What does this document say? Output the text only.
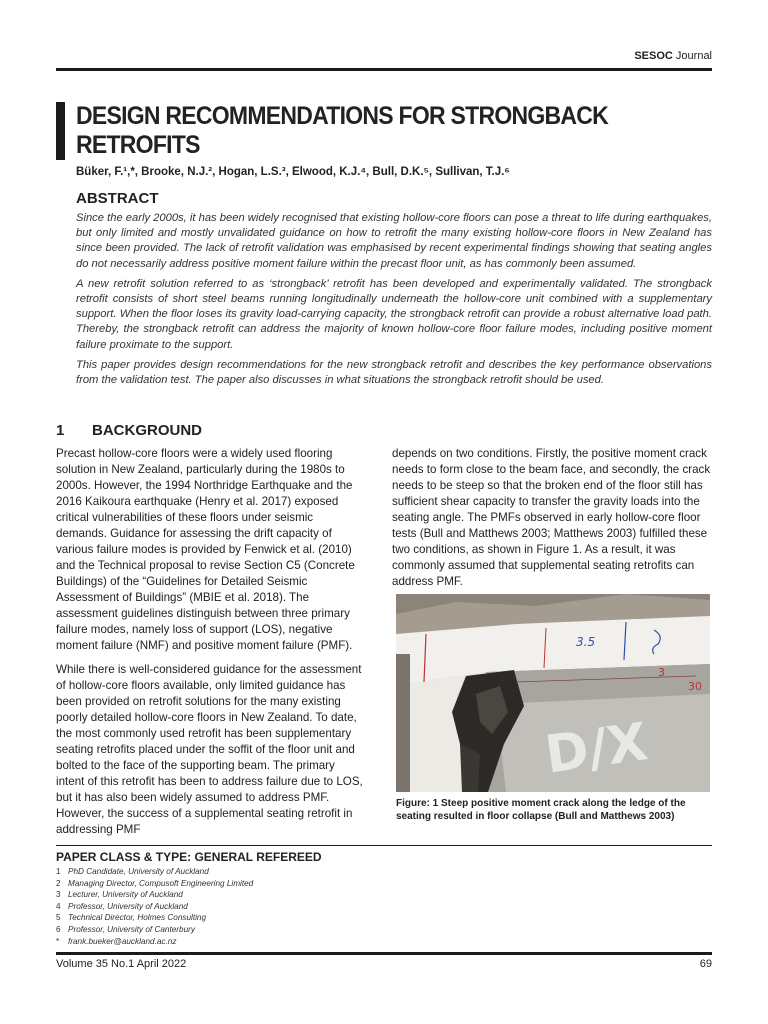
SESOC Journal
DESIGN RECOMMENDATIONS FOR STRONGBACK RETROFITS
Büker, F.¹,*, Brooke, N.J.², Hogan, L.S.³, Elwood, K.J.⁴, Bull, D.K.⁵, Sullivan, T.J.⁶
ABSTRACT

Since the early 2000s, it has been widely recognised that existing hollow-core floors can pose a threat to life during earthquakes, but only limited and mostly unvalidated guidance on how to retrofit the many existing hollow-core floors in New Zealand has since been provided. The lack of retrofit validation was emphasised by recent experimental findings showing that seating angles do not necessarily address positive moment failure within the precast floor unit, as has commonly been assumed.

A new retrofit solution referred to as ‘strongback’ retrofit has been developed and experimentally validated. The strongback retrofit consists of short steel beams running longitudinally underneath the hollow-core unit combined with a supplementary support. When the floor loses its gravity load-carrying capacity, the strongback retrofit can provide a robust alternative load path. Thereby, the strongback retrofit can address the majority of known hollow-core floor failure modes, including positive moment failure proximate to the support.

This paper provides design recommendations for the new strongback retrofit and describes the key performance observations from the validation test. The paper also discusses in what situations the strongback retrofit should be used.

1 BACKGROUND

Precast hollow-core floors were a widely used flooring solution in New Zealand, particularly during the 1980s to 2000s. However, the 1994 Northridge Earthquake and the 2016 Kaikoura earthquake (Henry et al. 2017) exposed critical vulnerabilities of these floors under seismic demands. Guidance for assessing the drift capacity of various failure modes is provided by Fenwick et al. (2010) and the Technical proposal to revise Section C5 (Concrete Buildings) of the “Guidelines for Detailed Seismic Assessment of Buildings” (MBIE et al. 2018). The assessment guidelines distinguish between three primary failure modes, namely loss of support (LOS), negative moment failure (NMF) and positive moment failure (PMF).

While there is well-considered guidance for the assessment of hollow-core floors available, only limited guidance has been provided on retrofit solutions for the many existing poorly detailed hollow-core floors in New Zealand. To date, the most commonly used retrofit has been supplementary seating retrofits placed under the soffit of the floor unit and bolted to the face of the supporting beam. The primary intent of this retrofit has been to address failure due to LOS, but it has also been widely assumed to address PMF. However, the success of a supplemental seating retrofit in addressing PMF

depends on two conditions. Firstly, the positive moment crack needs to form close to the beam face, and secondly, the crack needs to be steep so that the broken end of the floor still has sufficient shear capacity to transfer the gravity loads into the seating angle. The PMFs observed in early hollow-core floor tests (Bull and Matthews 2003; Matthews 2003) fulfilled these two conditions, as shown in Figure 1. As a result, it was commonly assumed that supplemental seating retrofits can address PMF.

3.5
3
30
D/X
Figure: 1 Steep positive moment crack along the ledge of the seating resulted in floor collapse (Bull and Matthews 2003)
PAPER CLASS & TYPE: GENERAL REFEREED
1 PhD Candidate, University of Auckland
2 Managing Director, Compusoft Engineering Limited
3 Lecturer, University of Auckland
4 Professor, University of Auckland
5 Technical Director, Holmes Consulting
6 Professor, University of Canterbury
* frank.bueker@auckland.ac.nz
Volume 35 No.1 April 2022	69
